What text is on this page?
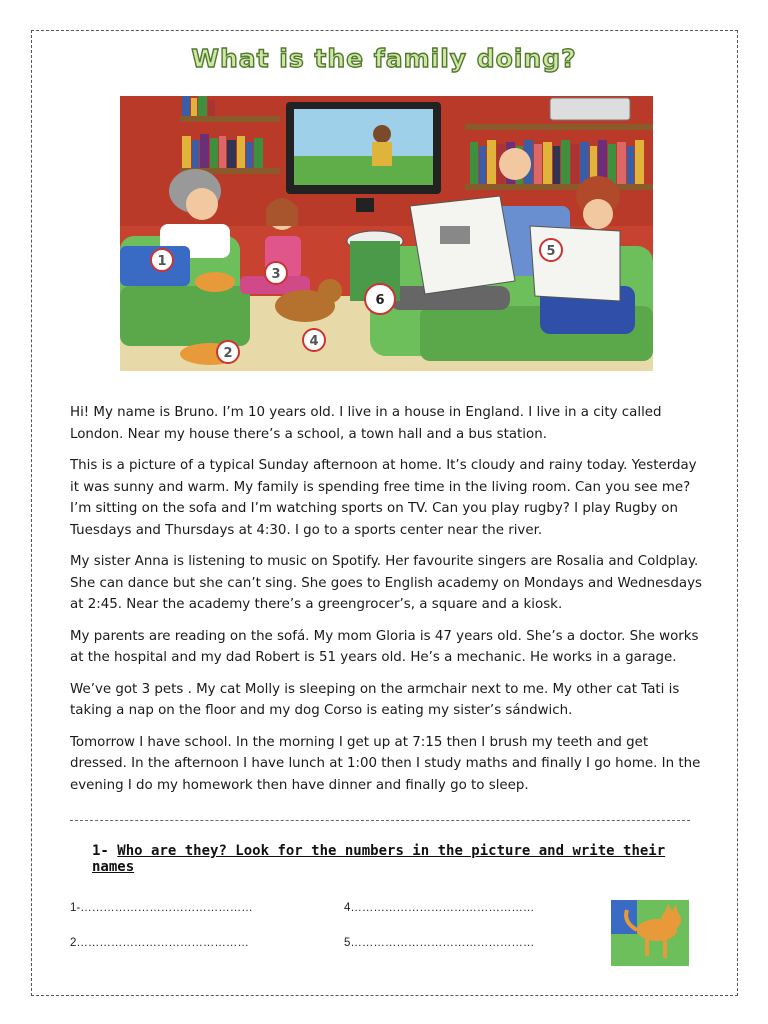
What is the family doing?
1
2
3
4
5
6

Hi! My name is Bruno. I’m 10 years old. I live in a house in England. I live in a city called London. Near my house there’s a school, a town hall and a bus station.

This is a picture of a typical Sunday afternoon at home. It’s cloudy and rainy today. Yesterday it was sunny and warm. My family is spending free time in the living room. Can you see me? I’m sitting on the sofa and I’m watching sports on TV. Can you play rugby? I play Rugby on Tuesdays and Thursdays at 4:30. I go to a sports center near the river.

My sister Anna is listening to music on Spotify. Her favourite singers are Rosalia and Coldplay. She can dance but she can’t sing. She goes to English academy on Mondays and Wednesdays at 2:45. Near the academy there’s a greengrocer’s, a square and a kiosk.

My parents are reading on the sofá. My mom Gloria is 47 years old. She’s a doctor. She works at the hospital and my dad Robert is 51 years old. He’s a mechanic. He works in a garage.

We’ve got 3 pets . My cat Molly is sleeping on the armchair next to me. My other cat Tati is taking a nap on the floor and my dog Corso is eating my sister’s sándwich.

Tomorrow I have school. In the morning I get up at 7:15 then I brush my teeth and get dressed. In the afternoon I have lunch at 1:00 then I study maths and finally I go home. In the evening I do my homework then have dinner and finally go to sleep.

1- Who are they? Look for the numbers in the picture and write their names
1-………………………………………	4…………………………………………
2………………………………………	5…………………………………………
